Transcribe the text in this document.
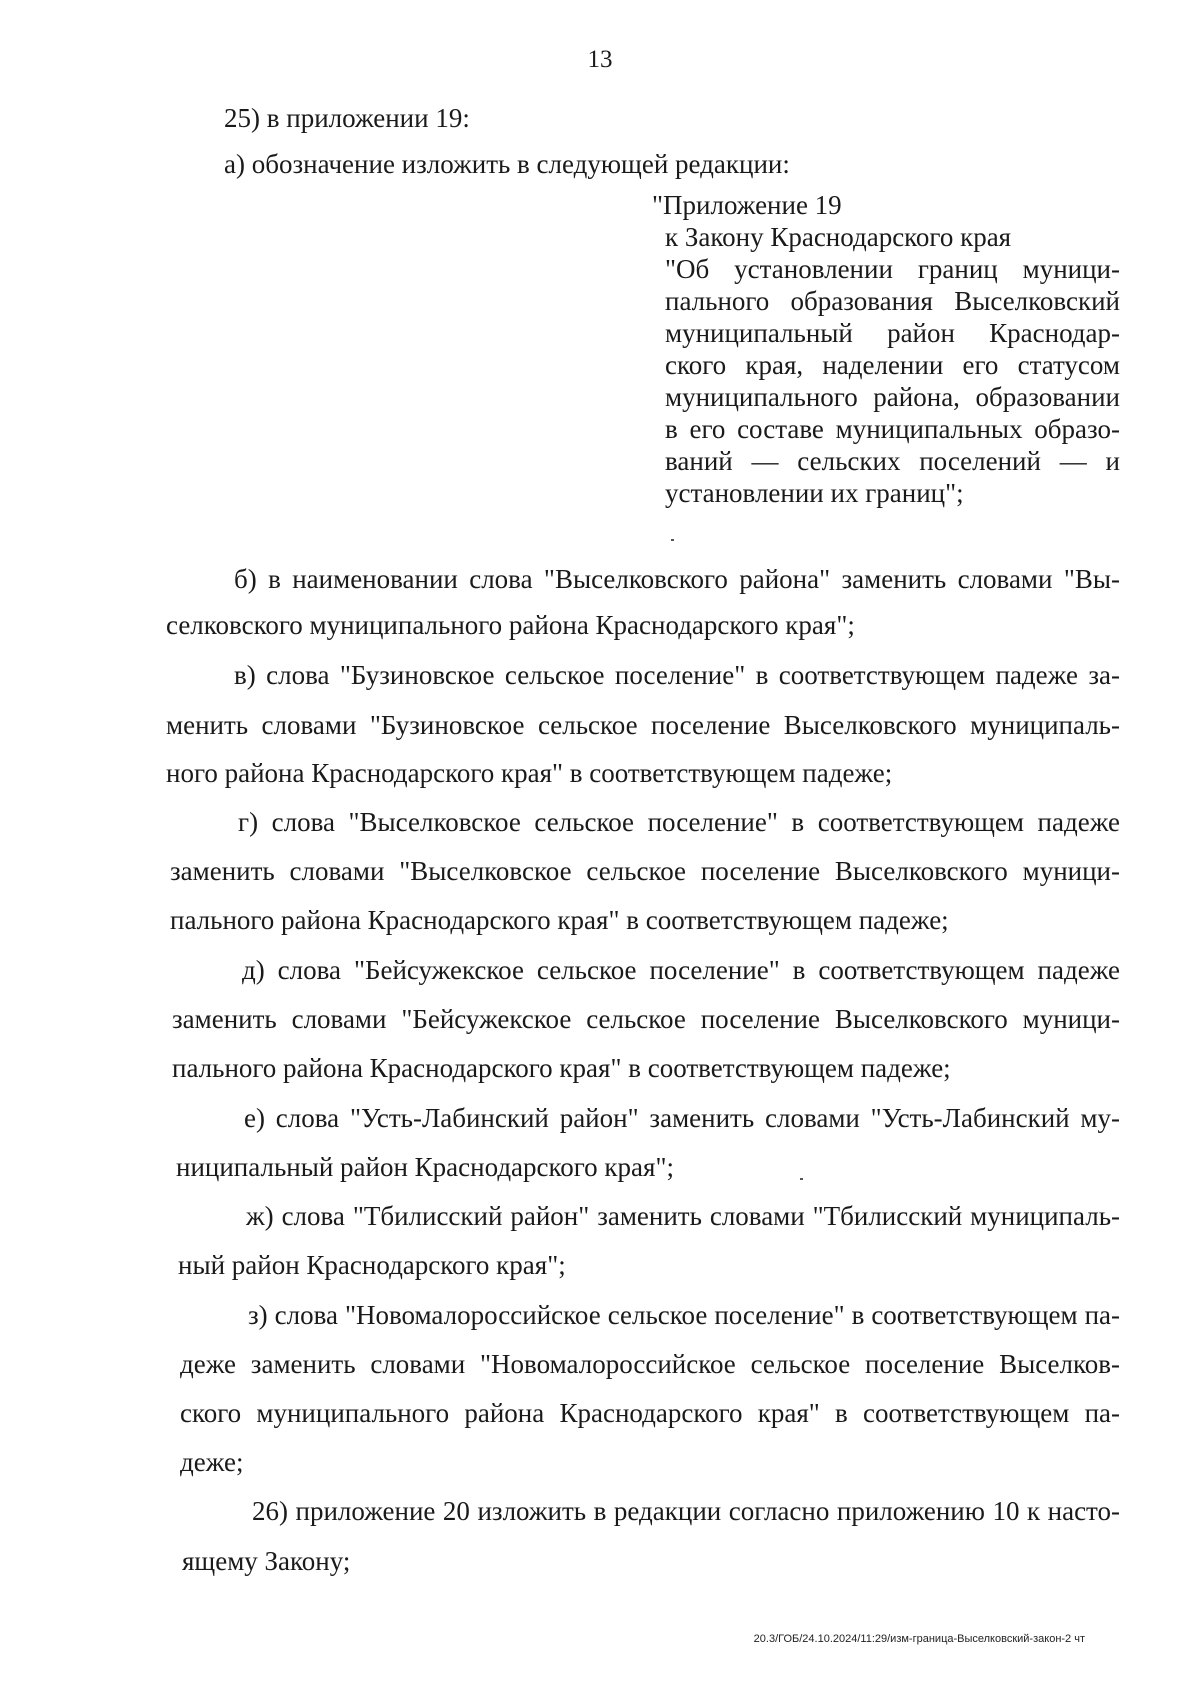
13
25) в приложении 19:
а) обозначение изложить в следующей редакции:
"Приложение 19
к Закону Краснодарского края
"Об установлении границ муници-
пального образования Выселковский
муниципальный район Краснодар-
ского края, наделении его статусом
муниципального района, образовании
в его составе муниципальных образо-
ваний — сельских поселений — и
установлении их границ";
б) в наименовании слова "Выселковского района" заменить словами "Вы-
селковского муниципального района Краснодарского края";
в) слова "Бузиновское сельское поселение" в соответствующем падеже за-
менить словами "Бузиновское сельское поселение Выселковского муниципаль-
ного района Краснодарского края" в соответствующем падеже;
г) слова "Выселковское сельское поселение" в соответствующем падеже
заменить словами "Выселковское сельское поселение Выселковского муници-
пального района Краснодарского края" в соответствующем падеже;
д) слова "Бейсужекское сельское поселение" в соответствующем падеже
заменить словами "Бейсужекское сельское поселение Выселковского муници-
пального района Краснодарского края" в соответствующем падеже;
е) слова "Усть-Лабинский район" заменить словами "Усть-Лабинский му-
ниципальный район Краснодарского края";
ж) слова "Тбилисский район" заменить словами "Тбилисский муниципаль-
ный район Краснодарского края";
з) слова "Новомалороссийское сельское поселение" в соответствующем па-
деже заменить словами "Новомалороссийское сельское поселение Выселков-
ского муниципального района Краснодарского края" в соответствующем па-
деже;
26) приложение 20 изложить в редакции согласно приложению 10 к насто-
ящему Закону;
20.3/ГОБ/24.10.2024/11:29/изм-граница-Выселковский-закон-2 чт
